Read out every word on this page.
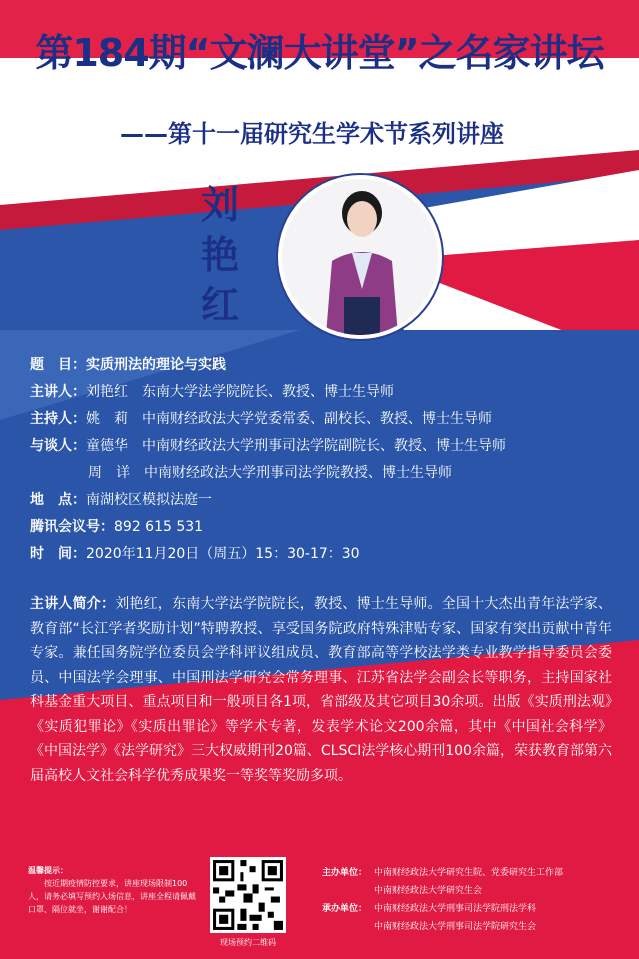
第184期“文澜大讲堂”之名家讲坛
——第十一届研究生学术节系列讲座
刘
艳
红
题　目：实质刑法的理论与实践
主讲人：刘艳红　东南大学法学院院长、教授、博士生导师
主持人：姚　莉　中南财经政法大学党委常委、副校长、教授、博士生导师
与谈人：童德华　中南财经政法大学刑事司法学院副院长、教授、博士生导师
周　详　中南财经政法大学刑事司法学院教授、博士生导师
地　点：南湖校区模拟法庭一
腾讯会议号：892 615 531
时　间：2020年11月20日（周五）15：30-17：30
主讲人简介：刘艳红，东南大学法学院院长，教授、博士生导师。全国十大杰出青年法学家、教育部“长江学者奖励计划”特聘教授、享受国务院政府特殊津贴专家、国家有突出贡献中青年专家。兼任国务院学位委员会学科评议组成员、教育部高等学校法学类专业教学指导委员会委员、中国法学会理事、中国刑法学研究会常务理事、江苏省法学会副会长等职务，主持国家社科基金重大项目、重点项目和一般项目各1项，省部级及其它项目30余项。出版《实质刑法观》《实质犯罪论》《实质出罪论》等学术专著，发表学术论文200余篇，其中《中国社会科学》《中国法学》《法学研究》三大权威期刊20篇、CLSCI法学核心期刊100余篇，荣获教育部第六届高校人文社会科学优秀成果奖一等奖等奖励多项。
温馨提示：
按近期疫情防控要求，讲座现场限制100人，请务必填写预约入场信息，讲座全程请佩戴口罩、隔位就坐，谢谢配合！
现场预约二维码
主办单位： 中南财经政法大学研究生院、党委研究生工作部
中南财经政法大学研究生会
承办单位： 中南财经政法大学刑事司法学院刑法学科
中南财经政法大学刑事司法学院研究生会
